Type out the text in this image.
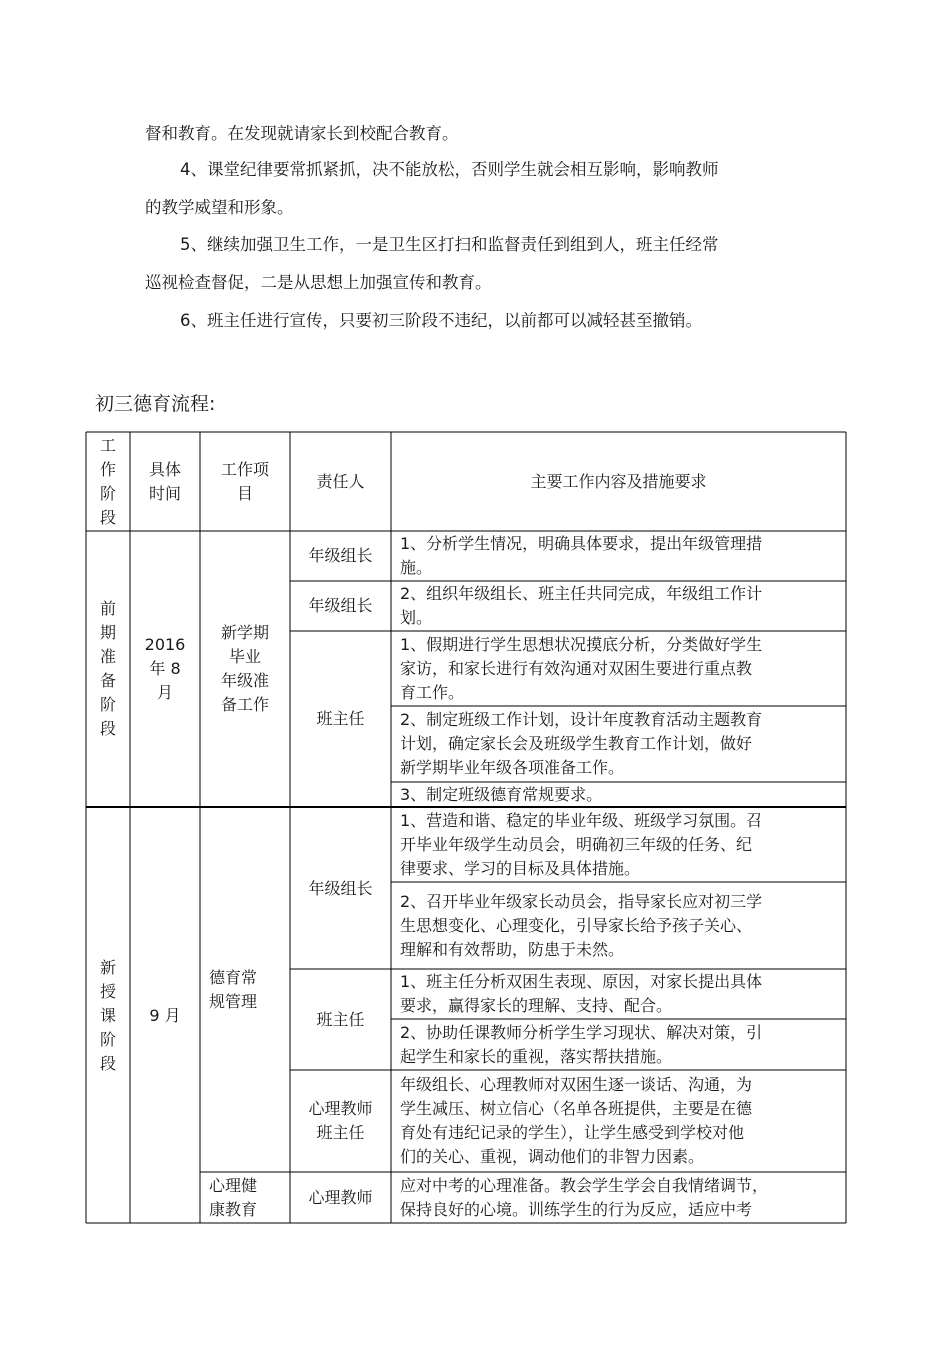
督和教育。在发现就请家长到校配合教育。
4、课堂纪律要常抓紧抓，决不能放松，否则学生就会相互影响，影响教师
的教学威望和形象。
5、继续加强卫生工作，一是卫生区打扫和监督责任到组到人，班主任经常
巡视检查督促，二是从思想上加强宣传和教育。
6、班主任进行宣传，只要初三阶段不违纪，以前都可以减轻甚至撤销。
初三德育流程:
工
作
阶
段
具体
时间
工作项
目
责任人	主要工作内容及措施要求
前
期
准
备
阶
段
2016
年 8
月
新学期
毕业
年级准
备工作
年级组长
1、分析学生情况，明确具体要求，提出年级管理措
施。
年级组长
2、组织年级组长、班主任共同完成，年级组工作计
划。
班主任
1、假期进行学生思想状况摸底分析，分类做好学生
家访，和家长进行有效沟通对双困生要进行重点教
育工作。
2、制定班级工作计划，设计年度教育活动主题教育
计划，确定家长会及班级学生教育工作计划，做好
新学期毕业年级各项准备工作。
3、制定班级德育常规要求。
新
授
课
阶
段
9 月
德育常
规管理
心理健
康教育
年级组长
1、营造和谐、稳定的毕业年级、班级学习氛围。召
开毕业年级学生动员会，明确初三年级的任务、纪
律要求、学习的目标及具体措施。
2、召开毕业年级家长动员会，指导家长应对初三学
生思想变化、心理变化，引导家长给予孩子关心、
理解和有效帮助，防患于未然。
班主任
1、班主任分析双困生表现、原因，对家长提出具体
要求，赢得家长的理解、支持、配合。
2、协助任课教师分析学生学习现状、解决对策，引
起学生和家长的重视，落实帮扶措施。
心理教师
班主任
年级组长、心理教师对双困生逐一谈话、沟通，为
学生减压、树立信心（名单各班提供，主要是在德
育处有违纪记录的学生），让学生感受到学校对他
们的关心、重视，调动他们的非智力因素。
心理教师
应对中考的心理准备。教会学生学会自我情绪调节，
保持良好的心境。训练学生的行为反应，适应中考
